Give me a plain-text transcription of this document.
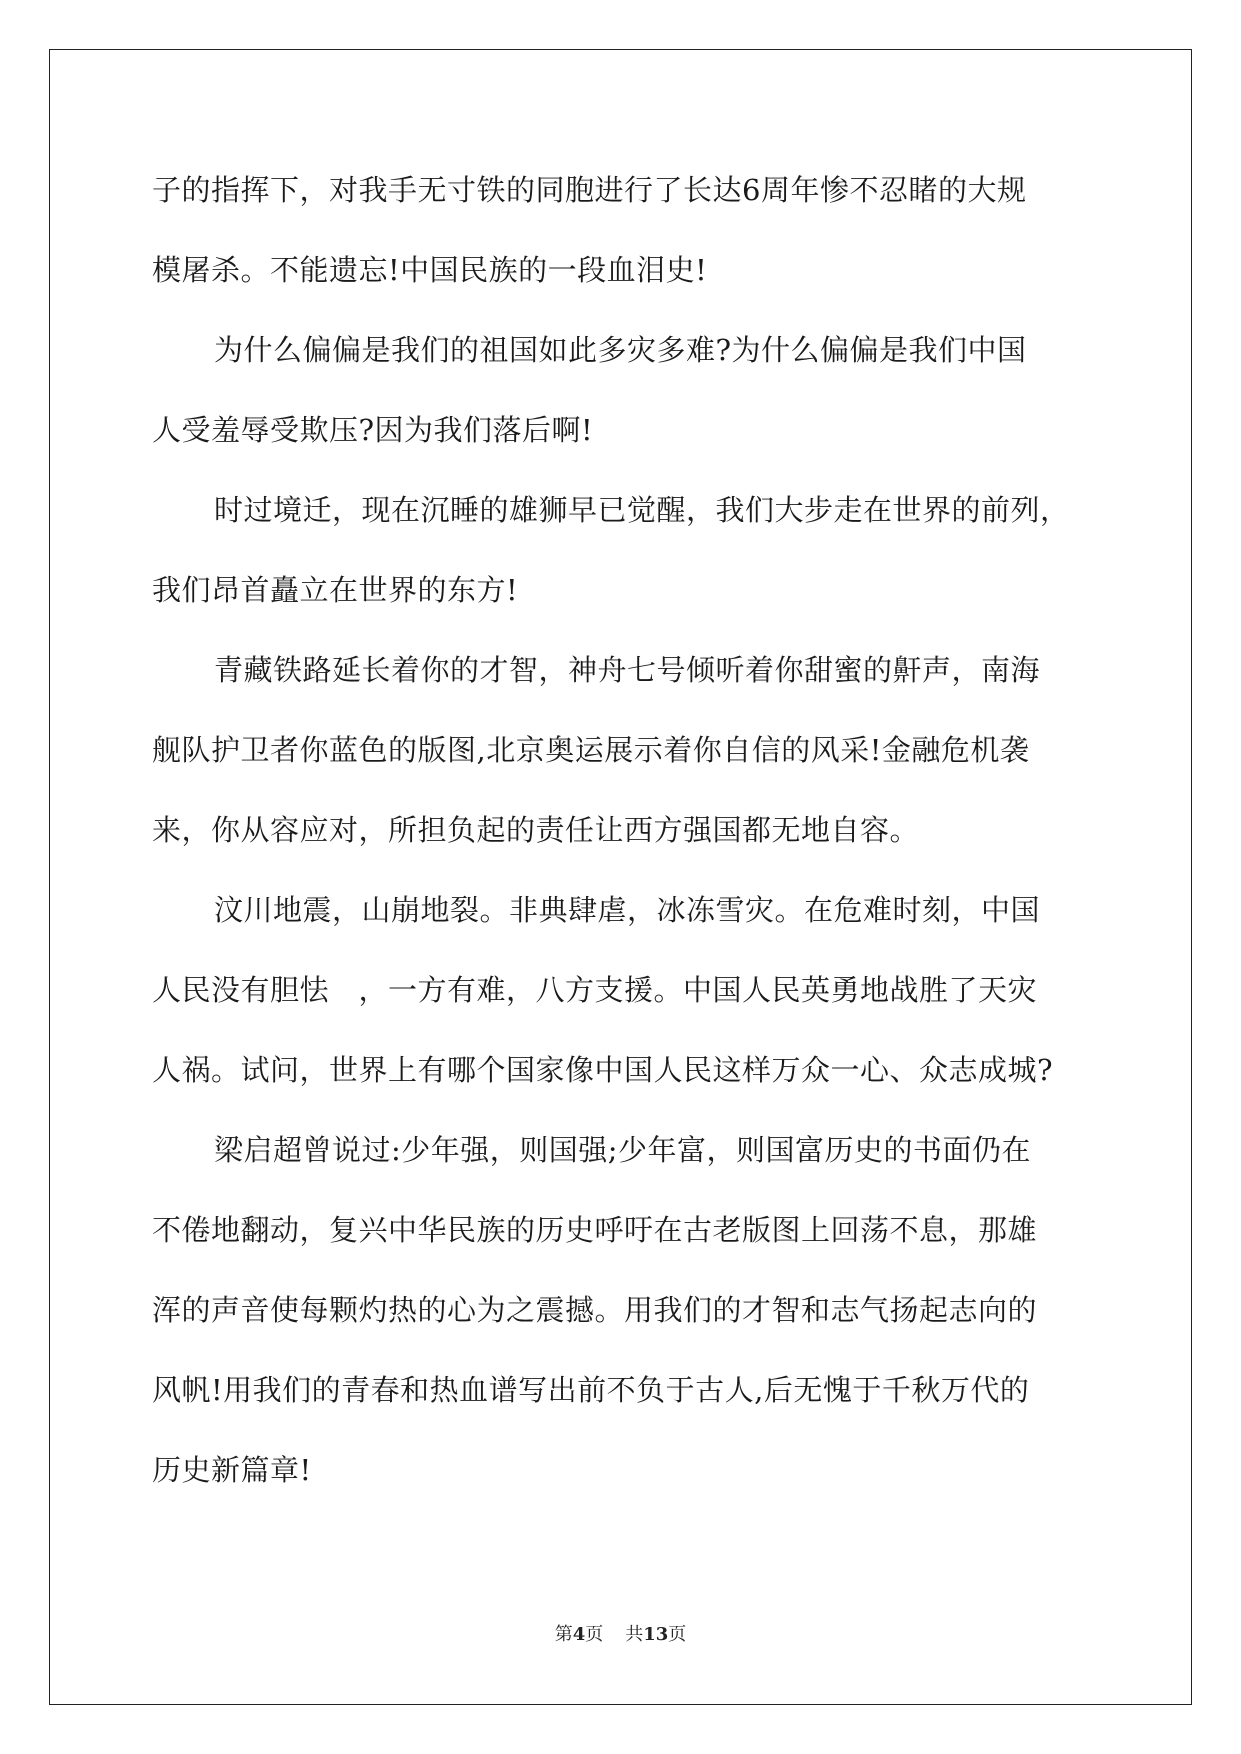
子的指挥下，对我手无寸铁的同胞进行了长达6周年惨不忍睹的大规
模屠杀。不能遗忘!中国民族的一段血泪史!
为什么偏偏是我们的祖国如此多灾多难?为什么偏偏是我们中国
人受羞辱受欺压?因为我们落后啊!
时过境迁，现在沉睡的雄狮早已觉醒，我们大步走在世界的前列，
我们昂首矗立在世界的东方!
青藏铁路延长着你的才智，神舟七号倾听着你甜蜜的鼾声，南海
舰队护卫者你蓝色的版图,北京奥运展示着你自信的风采!金融危机袭
来，你从容应对，所担负起的责任让西方强国都无地自容。
汶川地震，山崩地裂。非典肆虐，冰冻雪灾。在危难时刻，中国
人民没有胆怯　，一方有难，八方支援。中国人民英勇地战胜了天灾
人祸。试问，世界上有哪个国家像中国人民这样万众一心、众志成城?
梁启超曾说过:少年强，则国强;少年富，则国富历史的书面仍在
不倦地翻动，复兴中华民族的历史呼吁在古老版图上回荡不息，那雄
浑的声音使每颗灼热的心为之震撼。用我们的才智和志气扬起志向的
风帆!用我们的青春和热血谱写出前不负于古人,后无愧于千秋万代的
历史新篇章!
第4页 共13页
